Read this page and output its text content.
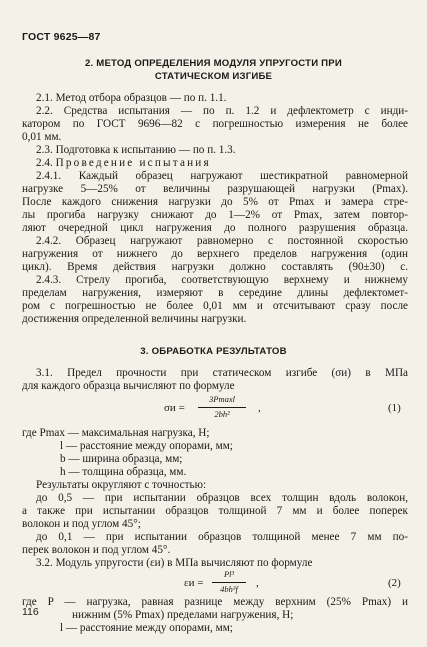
ГОСТ 9625—87
2. МЕТОД ОПРЕДЕЛЕНИЯ МОДУЛЯ УПРУГОСТИ ПРИ
СТАТИЧЕСКОМ ИЗГИБЕ
2.1. Метод отбора образцов — по п. 1.1.
2.2. Средства испытания — по п. 1.2 и дефлектометр с инди-
катором по ГОСТ 9696—82 с погрешностью измерения не более
0,01 мм.
2.3. Подготовка к испытанию — по п. 1.3.
2.4. Проведение испытания
2.4.1. Каждый образец нагружают шестикратной равномерной
нагрузке 5—25% от величины разрушающей нагрузки (Pmax).
После каждого снижения нагрузки до 5% от Pmax и замера стре-
лы прогиба нагрузку снижают до 1—2% от Pmax, затем повтор-
ляют очередной цикл нагружения до полного разрушения образца.
2.4.2. Образец нагружают равномерно с постоянной скоростью
нагружения от нижнего до верхнего пределов нагружения (один
цикл). Время действия нагрузки должно составлять (90±30) с.
2.4.3. Стрелу прогиба, соответствующую верхнему и нижнему
пределам нагружения, измеряют в середине длины дефлектомет-
ром с погрешностью не более 0,01 мм и отсчитывают сразу после
достижения определенной величины нагрузки.
3. ОБРАБОТКА РЕЗУЛЬТАТОВ
3.1. Предел прочности при статическом изгибе (σи) в МПа
для каждого образца вычисляют по формуле
σи =
3Pmaxl
2bh²	,	(1)
где Pmax — максимальная нагрузка, Н;
l — расстояние между опорами, мм;
b — ширина образца, мм;
h — толщина образца, мм.
Результаты округляют с точностью:
до 0,5 — при испытании образцов всех толщин вдоль волокон,
а также при испытании образцов толщиной 7 мм и более поперек
волокон и под углом 45°;
до 0,1 — при испытании образцов толщиной менее 7 мм по-
перек волокон и под углом 45°.
3.2. Модуль упругости (εи) в МПа вычисляют по формуле
εи =
Pl³
4bh³f	,	(2)
где P — нагрузка, равная разнице между верхним (25% Pmax) и
нижним (5% Pmax) пределами нагружения, Н;
l — расстояние между опорами, мм;
116
